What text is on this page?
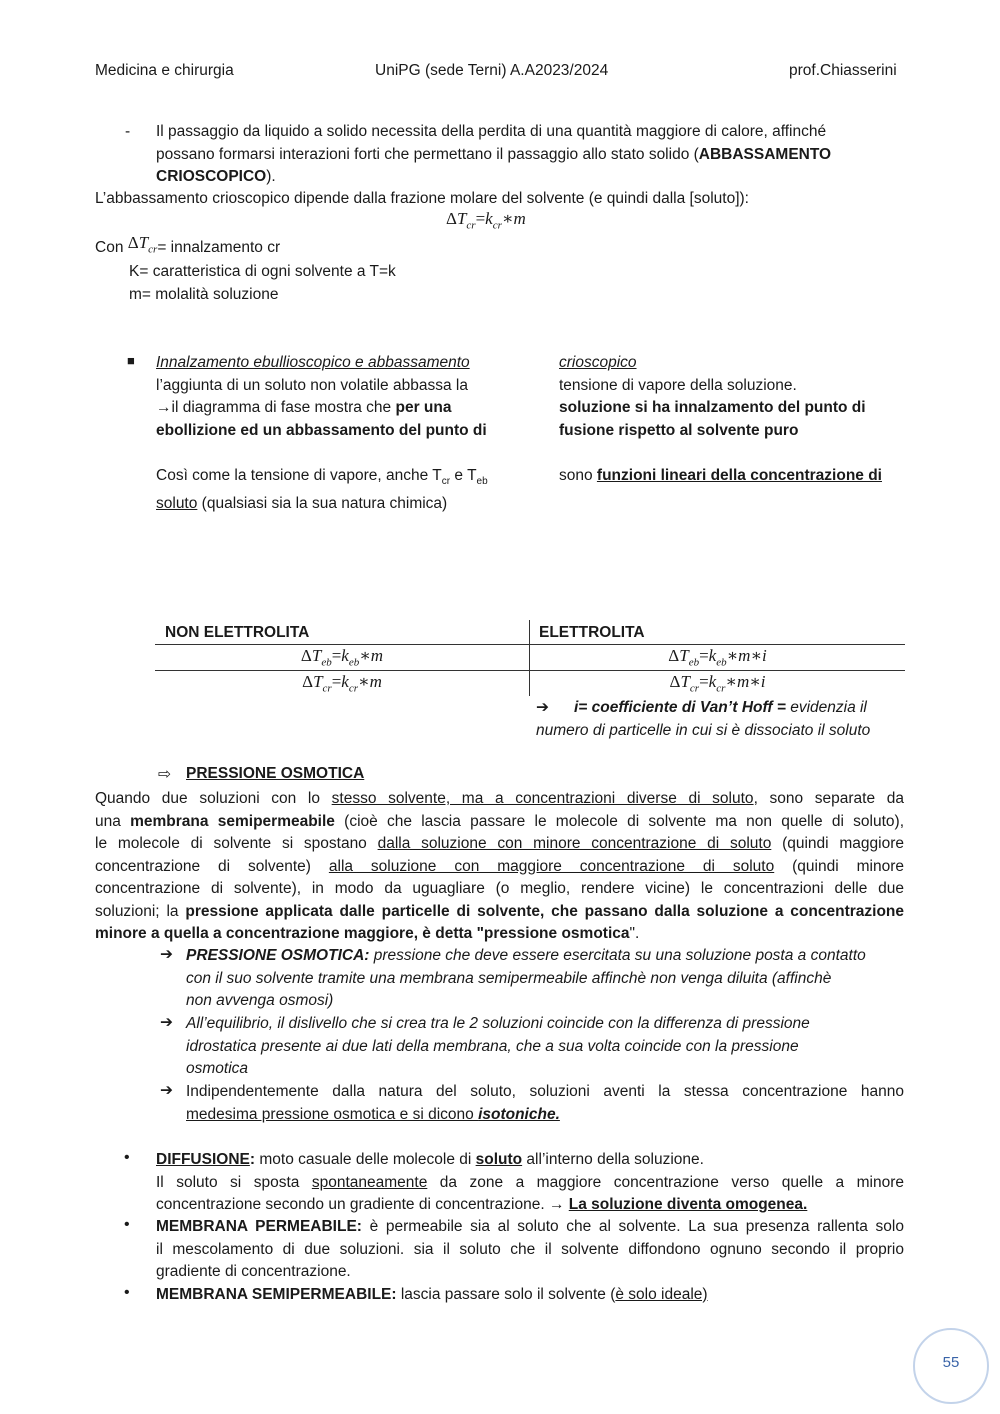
Medicina e chirurgia	UniPG (sede Terni) A.A2023/2024	prof.Chiasserini
- Il passaggio da liquido a solido necessita della perdita di una quantità maggiore di calore, affinché
possano formarsi interazioni forti che permettano il passaggio allo stato solido (ABBASSAMENTO
CRIOSCOPICO).
L’abbassamento crioscopico dipende dalla frazione molare del solvente (e quindi dalla [soluto]):
$\Delta T_{cr}=k_{cr}∗m$
Con $\Delta T_{cr}=$ innalzamento cr
K= caratteristica di ogni solvente a T=k
m= molalità soluzione
■ Innalzamento ebullioscopico e abbassamento
l’aggiunta di un soluto non volatile abbassa la
→il diagramma di fase mostra che per una
ebollizione ed un abbassamento del punto di
Così come la tensione di vapore, anche $T_{cr}$ e $T_{eb}$
soluto (qualsiasi sia la sua natura chimica)
crioscopico
tensione di vapore della soluzione.
soluzione si ha innalzamento del punto di
fusione rispetto al solvente puro
sono funzioni lineari della concentrazione di
NON ELETTROLITA	ELETTROLITA
$\Delta T_{eb}=k_{eb}∗m$	$\Delta T_{eb}=k_{eb}∗m∗i$
$\Delta T_{cr}=k_{cr}∗m$	$\Delta T_{cr}=k_{cr}∗m∗i$
➔ i= coefficiente di Van’t Hoff = evidenzia il
numero di particelle in cui si è dissociato il soluto
⇨ PRESSIONE OSMOTICA
Quando due soluzioni con lo stesso solvente, ma a concentrazioni diverse di soluto, sono separate da
una membrana semipermeabile (cioè che lascia passare le molecole di solvente ma non quelle di soluto),
le molecole di solvente si spostano dalla soluzione con minore concentrazione di soluto (quindi maggiore
concentrazione di solvente) alla soluzione con maggiore concentrazione di soluto (quindi minore
concentrazione di solvente), in modo da uguagliare (o meglio, rendere vicine) le concentrazioni delle due
soluzioni; la pressione applicata dalle particelle di solvente, che passano dalla soluzione a concentrazione
minore a quella a concentrazione maggiore, è detta "pressione osmotica".
➔ PRESSIONE OSMOTICA: pressione che deve essere esercitata su una soluzione posta a contatto
con il suo solvente tramite una membrana semipermeabile affinchè non venga diluita (affinchè
non avvenga osmosi)
➔ All’equilibrio, il dislivello che si crea tra le 2 soluzioni coincide con la differenza di pressione
idrostatica presente ai due lati della membrana, che a sua volta coincide con la pressione
osmotica
➔ Indipendentemente dalla natura del soluto, soluzioni aventi la stessa concentrazione hanno
medesima pressione osmotica e si dicono isotoniche.
• DIFFUSIONE: moto casuale delle molecole di soluto all’interno della soluzione.
Il soluto si sposta spontaneamente da zone a maggiore concentrazione verso quelle a minore
concentrazione secondo un gradiente di concentrazione. → La soluzione diventa omogenea.
• MEMBRANA PERMEABILE: è permeabile sia al soluto che al solvente. La sua presenza rallenta solo
il mescolamento di due soluzioni. sia il soluto che il solvente diffondono ognuno secondo il proprio
gradiente di concentrazione.
• MEMBRANA SEMIPERMEABILE: lascia passare solo il solvente (è solo ideale)
55
